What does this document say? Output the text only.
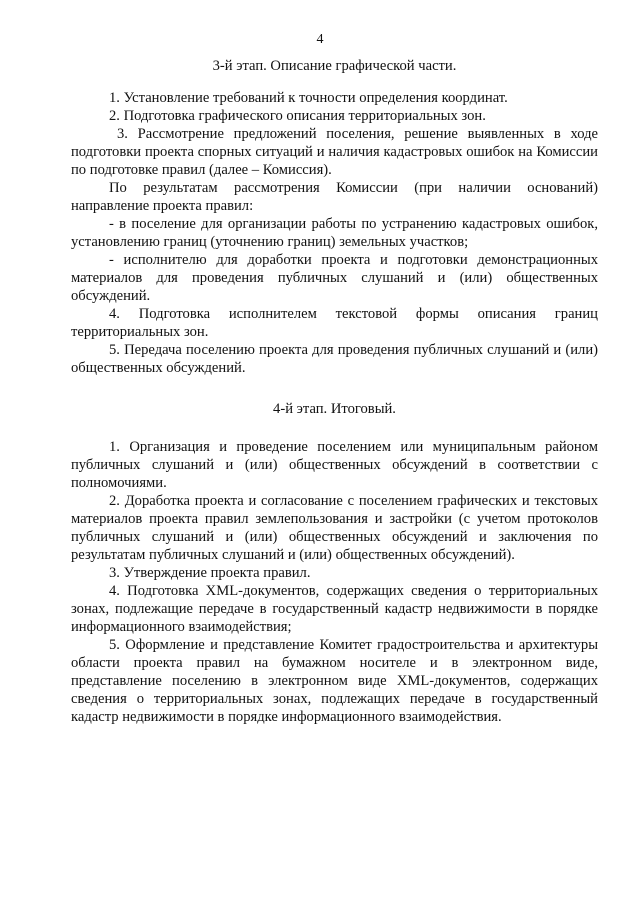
4

3-й этап. Описание графической части.

1. Установление требований к точности определения координат.

2. Подготовка графического описания территориальных зон.

3. Рассмотрение предложений поселения, решение выявленных в ходе подготовки проекта спорных ситуаций и наличия кадастровых ошибок на Комиссии по подготовке правил (далее – Комиссия).

По результатам рассмотрения Комиссии (при наличии оснований) направление проекта правил:

- в поселение для организации работы по устранению кадастровых ошибок, установлению границ (уточнению границ) земельных участков;

- исполнителю для доработки проекта и подготовки демонстрационных материалов для проведения публичных слушаний и (или) общественных обсуждений.

4. Подготовка исполнителем текстовой формы описания границ территориальных зон.

5. Передача поселению проекта для проведения публичных слушаний и (или) общественных обсуждений.

4-й этап. Итоговый.

1. Организация и проведение поселением или муниципальным районом публичных слушаний и (или) общественных обсуждений в соответствии с полномочиями.

2. Доработка проекта и согласование с поселением графических и текстовых материалов проекта правил землепользования и застройки (с учетом протоколов публичных слушаний и (или) общественных обсуждений и заключения по результатам публичных слушаний и (или) общественных обсуждений).

3. Утверждение проекта правил.

4. Подготовка XML-документов, содержащих сведения о территориальных зонах, подлежащие передаче в государственный кадастр недвижимости в порядке информационного взаимодействия;

5. Оформление и представление Комитет градостроительства и архитектуры области проекта правил на бумажном носителе и в электронном виде, представление поселению в электронном виде XML-документов, содержащих сведения о территориальных зонах, подлежащих передаче в государственный кадастр недвижимости в порядке информационного взаимодействия.
